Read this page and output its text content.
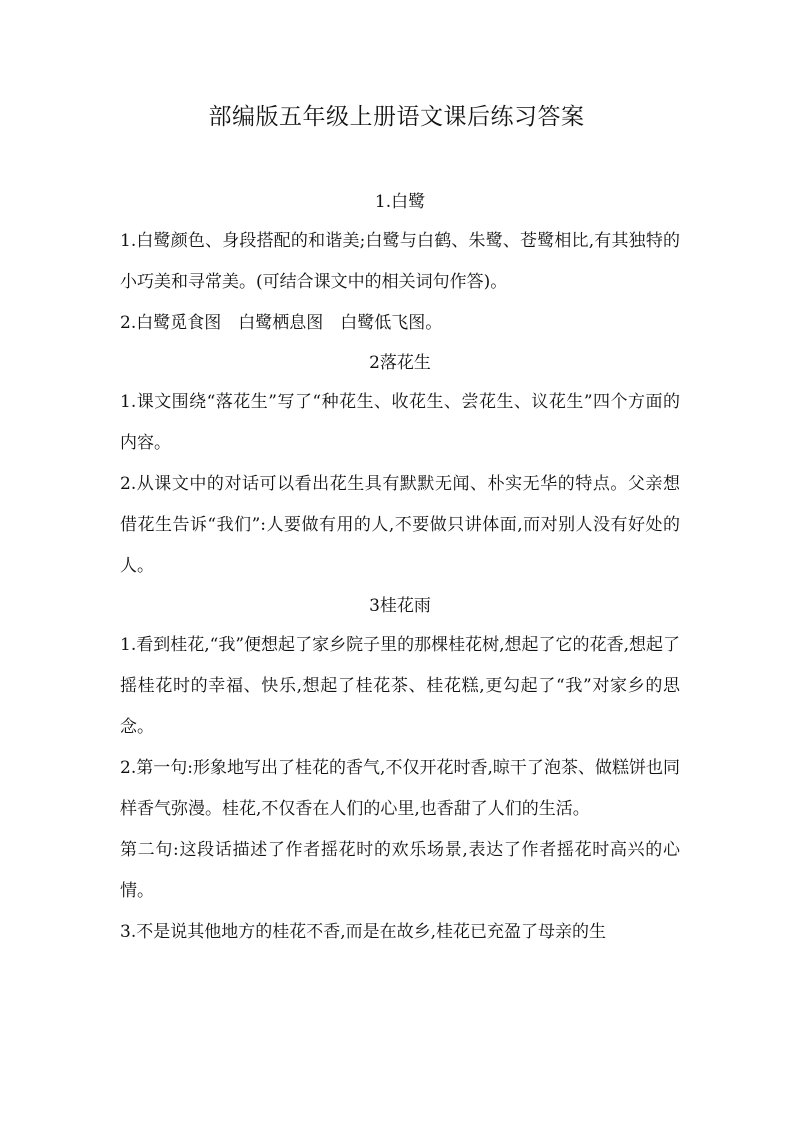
部编版五年级上册语文课后练习答案

1.白鹭

1.白鹭颜色、身段搭配的和谐美;白鹭与白鹤、朱鹭、苍鹭相比,有其独特的小巧美和寻常美。(可结合课文中的相关词句作答)。

2.白鹭觅食图　白鹭栖息图　白鹭低飞图。

2落花生

1.课文围绕“落花生”写了“种花生、收花生、尝花生、议花生”四个方面的内容。

2.从课文中的对话可以看出花生具有默默无闻、朴实无华的特点。父亲想借花生告诉“我们”:人要做有用的人,不要做只讲体面,而对别人没有好处的人。

3桂花雨

1.看到桂花,“我”便想起了家乡院子里的那棵桂花树,想起了它的花香,想起了摇桂花时的幸福、快乐,想起了桂花茶、桂花糕,更勾起了“我”对家乡的思念。

2.第一句:形象地写出了桂花的香气,不仅开花时香,晾干了泡茶、做糕饼也同样香气弥漫。桂花,不仅香在人们的心里,也香甜了人们的生活。

第二句:这段话描述了作者摇花时的欢乐场景,表达了作者摇花时高兴的心情。

3.不是说其他地方的桂花不香,而是在故乡,桂花已充盈了母亲的生
